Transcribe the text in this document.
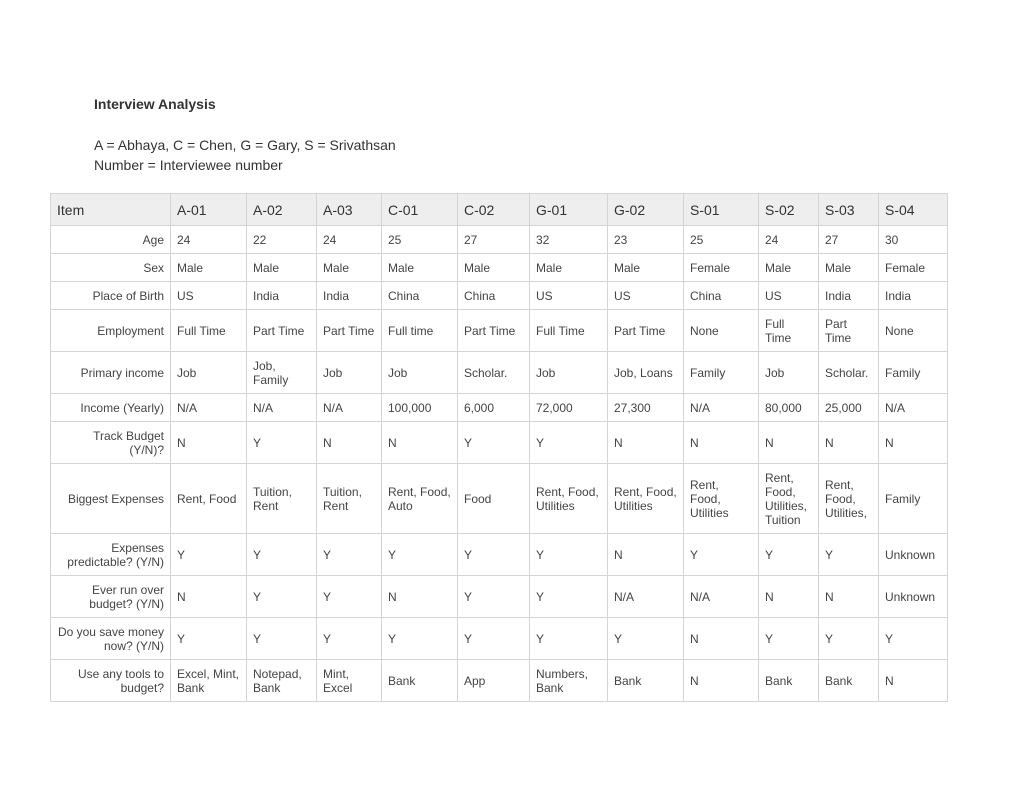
Interview Analysis
A = Abhaya, C = Chen, G = Gary, S = Srivathsan
Number = Interviewee number
Item	A-01	A-02	A-03	C-01	C-02	G-01	G-02	S-01	S-02	S-03	S-04
Age	24	22	24	25	27	32	23	25	24	27	30
Sex	Male	Male	Male	Male	Male	Male	Male	Female	Male	Male	Female
Place of Birth	US	India	India	China	China	US	US	China	US	India	India
Employment	Full Time	Part Time	Part Time	Full time	Part Time	Full Time	Part Time	None	Full Time	Part Time	None
Primary income	Job	Job, Family	Job	Job	Scholar.	Job	Job, Loans	Family	Job	Scholar.	Family
Income (Yearly)	N/A	N/A	N/A	100,000	6,000	72,000	27,300	N/A	80,000	25,000	N/A
Track Budget (Y/N)?	N	Y	N	N	Y	Y	N	N	N	N	N
Biggest Expenses	Rent, Food	Tuition, Rent	Tuition, Rent	Rent, Food, Auto	Food	Rent, Food, Utilities	Rent, Food, Utilities	Rent, Food, Utilities	Rent, Food, Utilities, Tuition	Rent, Food, Utilities,	Family
Expenses predictable? (Y/N)	Y	Y	Y	Y	Y	Y	N	Y	Y	Y	Unknown
Ever run over budget? (Y/N)	N	Y	Y	N	Y	Y	N/A	N/A	N	N	Unknown
Do you save money now? (Y/N)	Y	Y	Y	Y	Y	Y	Y	N	Y	Y	Y
Use any tools to budget?	Excel, Mint, Bank	Notepad, Bank	Mint, Excel	Bank	App	Numbers, Bank	Bank	N	Bank	Bank	N
